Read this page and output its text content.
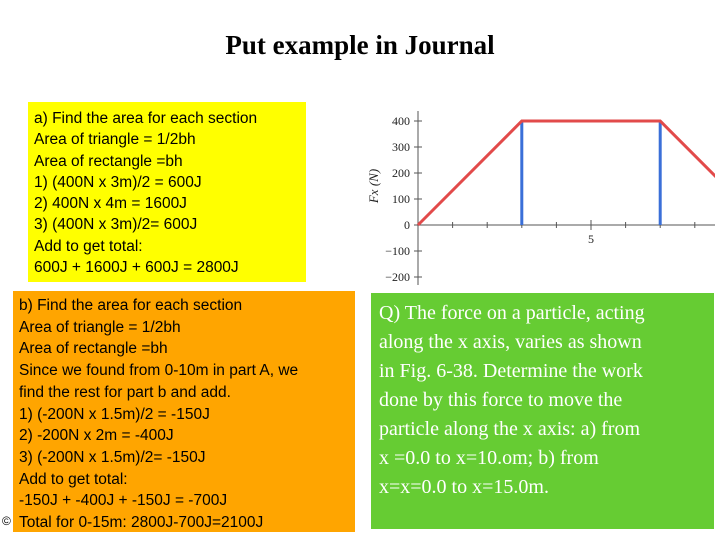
Put example in Journal
a) Find the area for each section
Area of triangle = 1/2bh
Area of rectangle =bh
1) (400N x 3m)/2 = 600J
2) 400N x 4m = 1600J
3) (400N x 3m)/2= 600J
Add to get total:
600J + 1600J + 600J = 2800J
b) Find the area for each section
Area of triangle = 1/2bh
Area of rectangle =bh
Since we found from 0-10m in part A, we
find the rest for part b and add.
1) (-200N x 1.5m)/2 = -150J
2) -200N x 2m = -400J
3) (-200N x 1.5m)/2= -150J
Add to get total:
-150J + -400J + -150J = -700J
Total for 0-15m: 2800J-700J=2100J
Q) The force on a particle, acting
along the x axis, varies as shown
in Fig. 6-38. Determine the work
done by this force to move the
particle along the x axis: a) from
x =0.0 to x=10.om; b) from
x=x=0.0 to x=15.0m.
©
400
300
200
100
0
−100
−200
5
Fx (N)
